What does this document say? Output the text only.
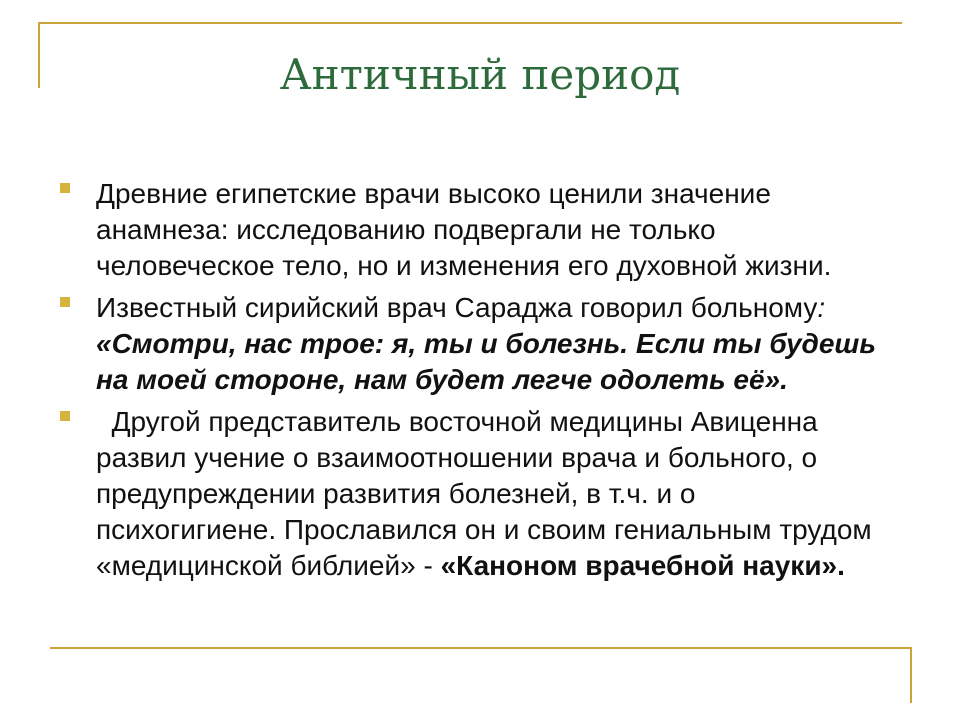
Античный период
Древние египетские врачи высоко ценили значение анамнеза: исследованию подвергали не только человеческое тело, но и изменения его духовной жизни.
Известный сирийский врач Сараджа говорил больному: «Смотри, нас трое: я, ты и болезнь. Если ты будешь на моей стороне, нам будет легче одолеть её».
Другой представитель восточной медицины Авиценна развил учение о взаимоотношении врача и больного, о предупреждении развития болезней, в т.ч. и о психогигиене. Прославился он и своим гениальным трудом «медицинской библией» - «Каноном врачебной науки».
